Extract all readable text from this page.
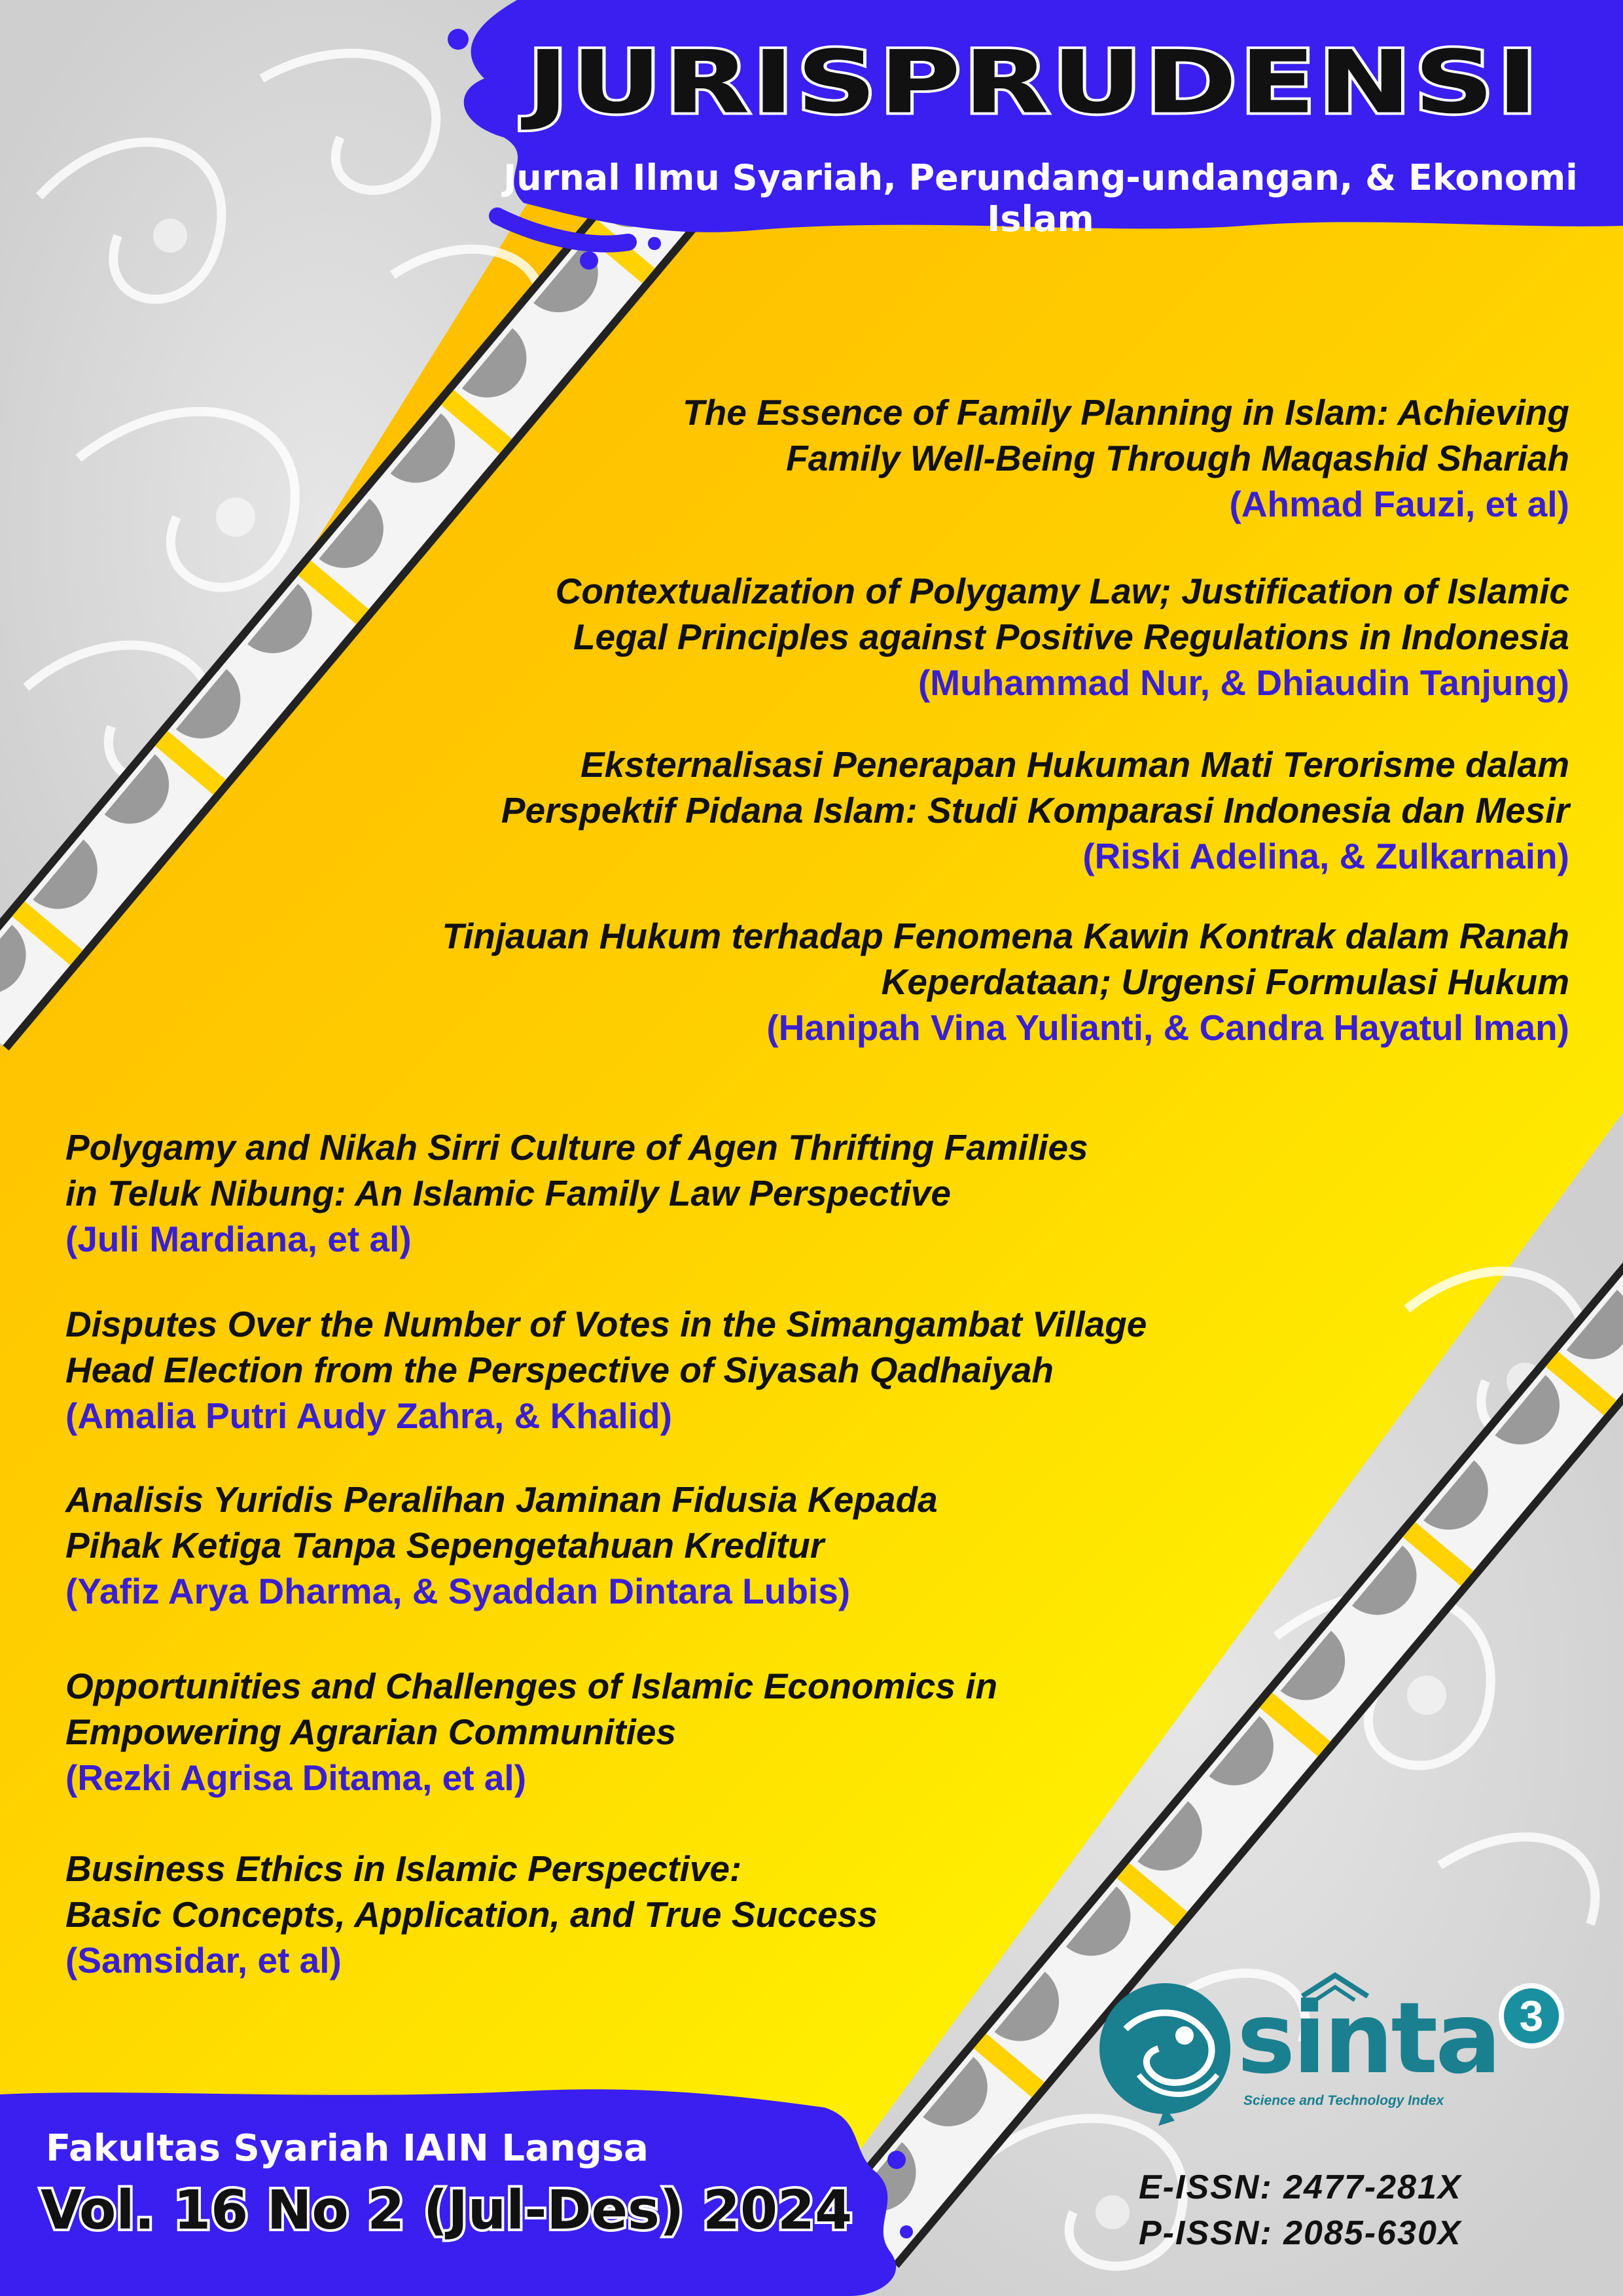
JURISPRUDENSI
Jurnal Ilmu Syariah, Perundang-undangan, & Ekonomi Islam
The Essence of Family Planning in Islam: Achieving
Family Well-Being Through Maqashid Shariah
(Ahmad Fauzi, et al)
Contextualization of Polygamy Law; Justification of Islamic
Legal Principles against Positive Regulations in Indonesia
(Muhammad Nur, & Dhiaudin Tanjung)
Eksternalisasi Penerapan Hukuman Mati Terorisme dalam
Perspektif Pidana Islam: Studi Komparasi Indonesia dan Mesir
(Riski Adelina, & Zulkarnain)
Tinjauan Hukum terhadap Fenomena Kawin Kontrak dalam Ranah
Keperdataan; Urgensi Formulasi Hukum
(Hanipah Vina Yulianti, & Candra Hayatul Iman)
Polygamy and Nikah Sirri Culture of Agen Thrifting Families
in Teluk Nibung: An Islamic Family Law Perspective
(Juli Mardiana, et al)
Disputes Over the Number of Votes in the Simangambat Village
Head Election from the Perspective of Siyasah Qadhaiyah
(Amalia Putri Audy Zahra, & Khalid)
Analisis Yuridis Peralihan Jaminan Fidusia Kepada
Pihak Ketiga Tanpa Sepengetahuan Kreditur
(Yafiz Arya Dharma, & Syaddan Dintara Lubis)
Opportunities and Challenges of Islamic Economics in
Empowering Agrarian Communities
(Rezki Agrisa Ditama, et al)
Business Ethics in Islamic Perspective:
Basic Concepts, Application, and True Success
(Samsidar, et al)
sinta
Science and Technology Index
3
Fakultas Syariah IAIN Langsa
Vol. 16 No 2 (Jul-Des) 2024	E-ISSN: 2477-281X
P-ISSN: 2085-630X
